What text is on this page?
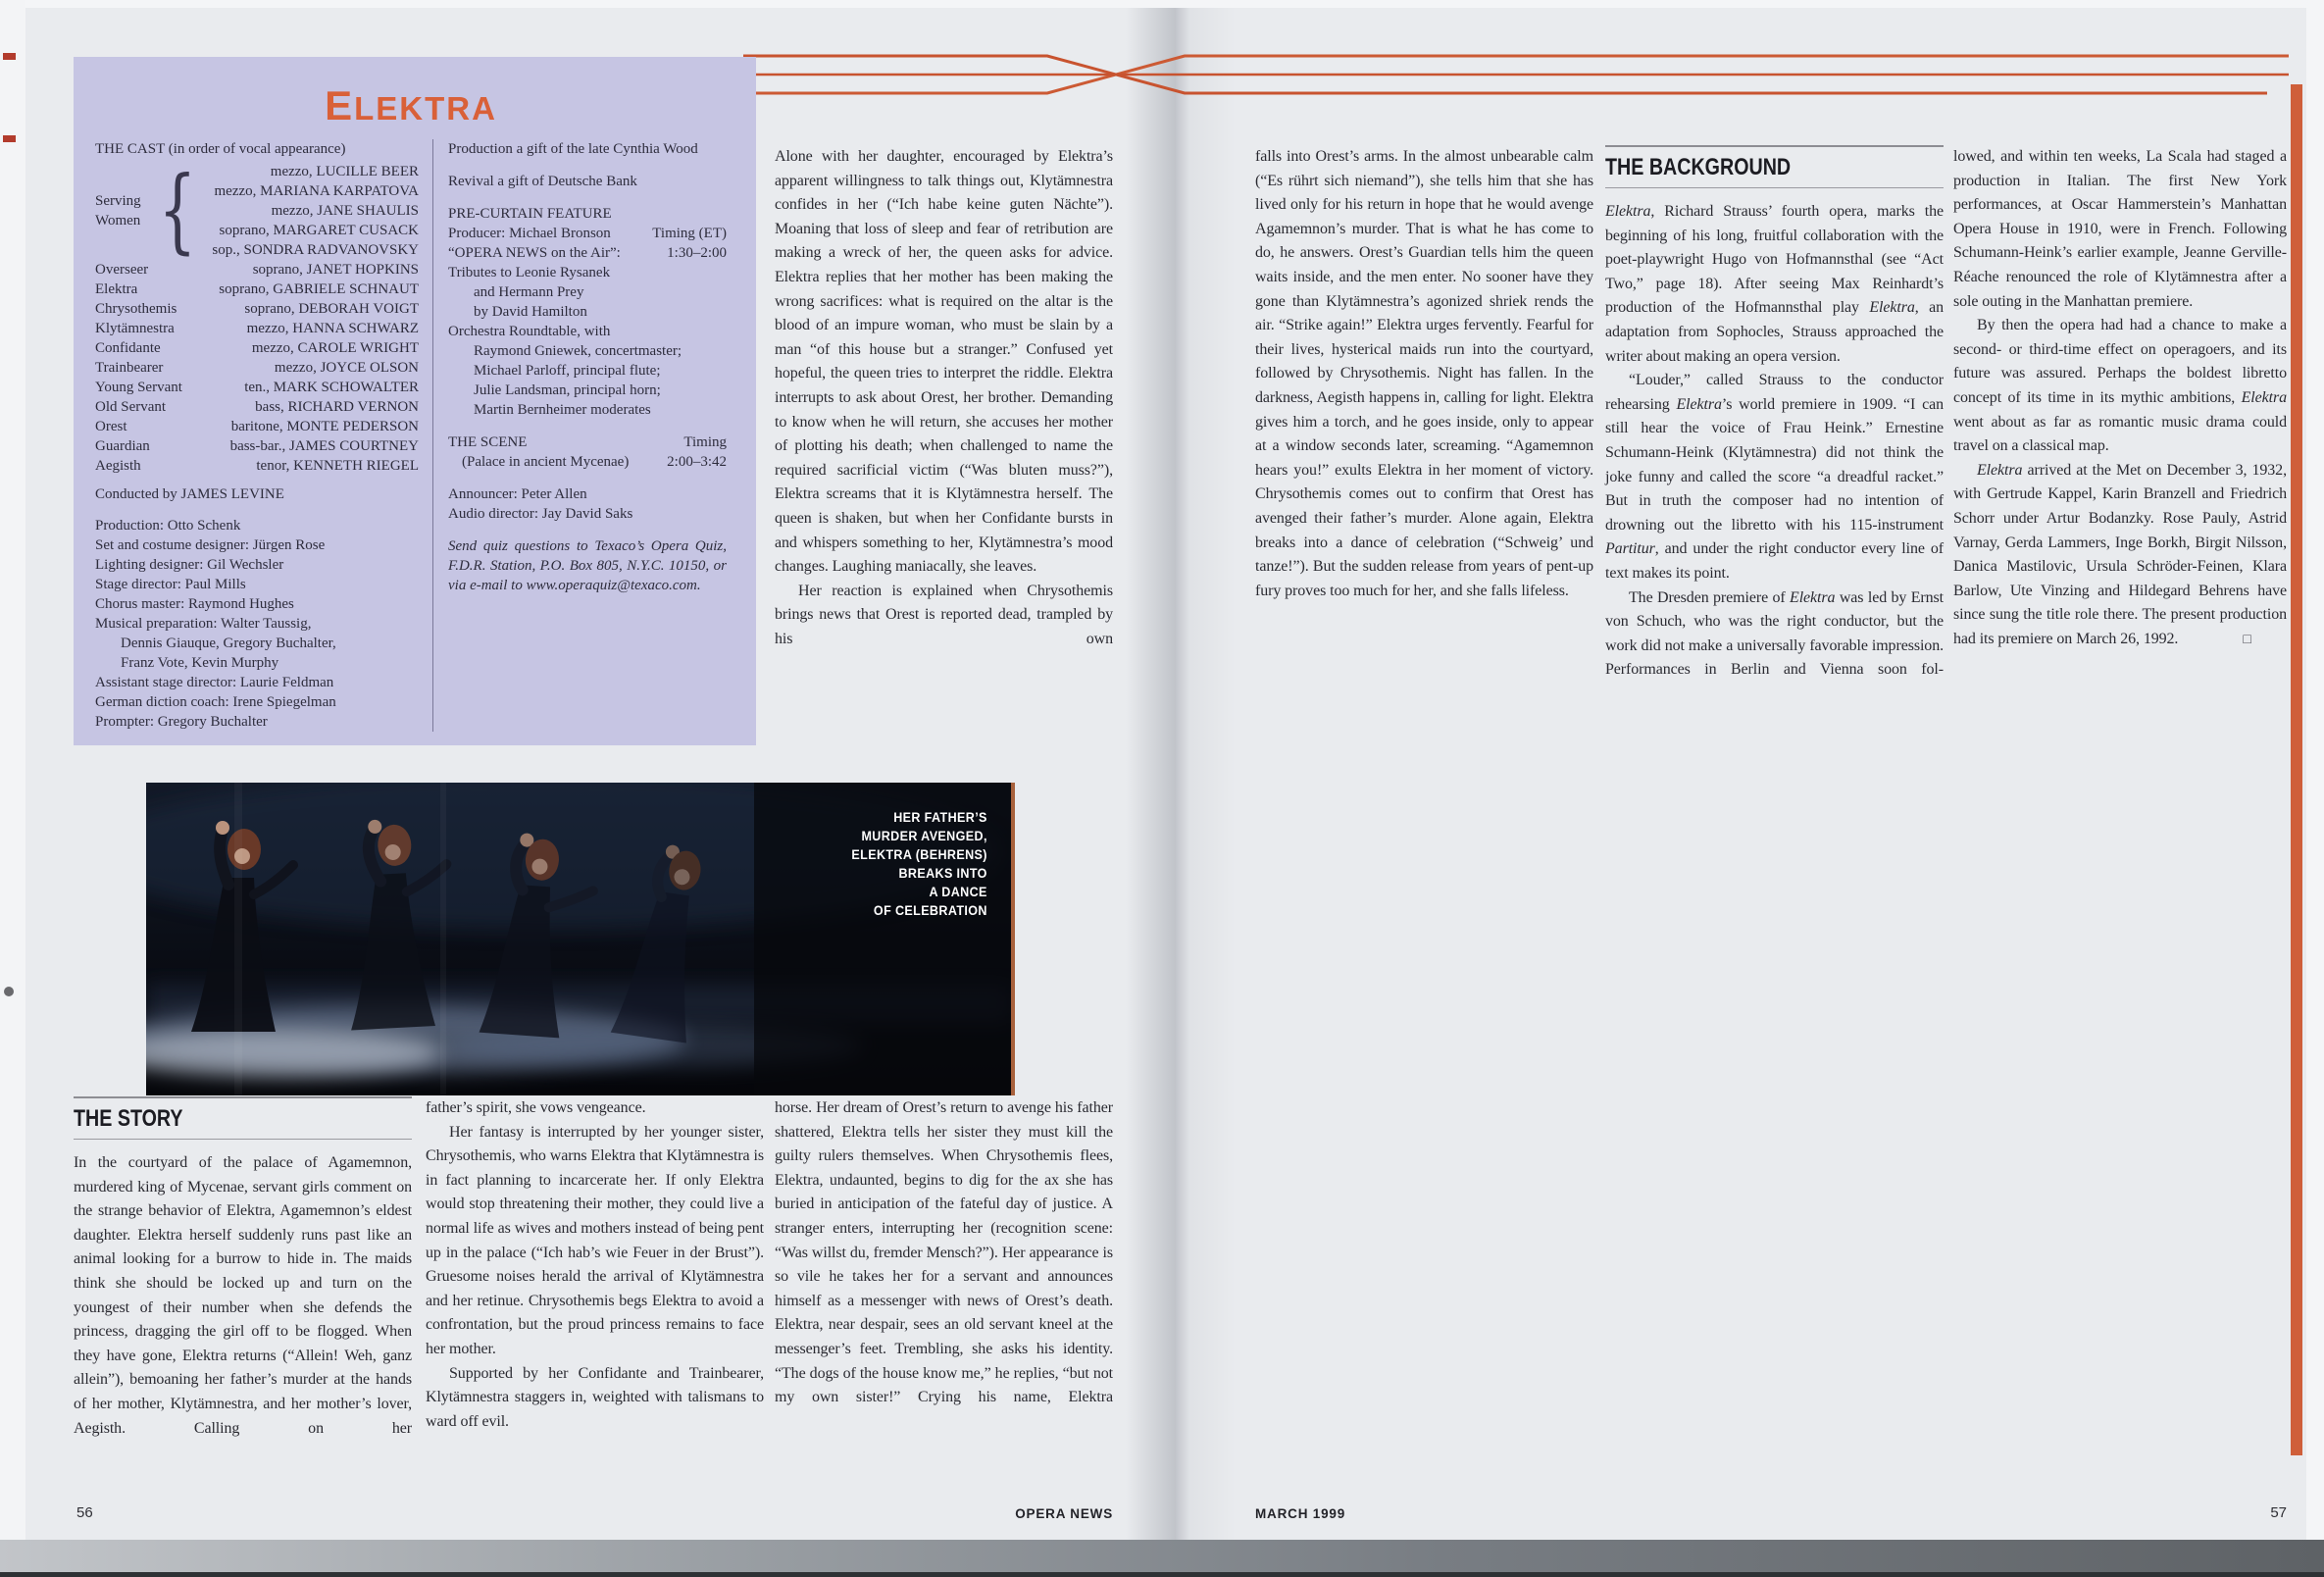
ELEKTRA
THE CAST (in order of vocal appearance)
Serving
Women {	mezzo, LUCILLE BEER
mezzo, MARIANA KARPATOVA
mezzo, JANE SHAULIS
soprano, MARGARET CUSACK
sop., SONDRA RADVANOVSKY
Overseer	soprano, JANET HOPKINS
Elektra	soprano, GABRIELE SCHNAUT
Chrysothemis	soprano, DEBORAH VOIGT
Klytämnestra	mezzo, HANNA SCHWARZ
Confidante	mezzo, CAROLE WRIGHT
Trainbearer	mezzo, JOYCE OLSON
Young Servant	ten., MARK SCHOWALTER
Old Servant	bass, RICHARD VERNON
Orest	baritone, MONTE PEDERSON
Guardian	bass-bar., JAMES COURTNEY
Aegisth	tenor, KENNETH RIEGEL
Conducted by JAMES LEVINE
Production: Otto Schenk
Set and costume designer: Jürgen Rose
Lighting designer: Gil Wechsler
Stage director: Paul Mills
Chorus master: Raymond Hughes
Musical preparation: Walter Taussig,
Dennis Giauque, Gregory Buchalter,
Franz Vote, Kevin Murphy
Assistant stage director: Laurie Feldman
German diction coach: Irene Spiegelman
Prompter: Gregory Buchalter
Production a gift of the late Cynthia Wood
Revival a gift of Deutsche Bank
PRE-CURTAIN FEATURE
Producer: Michael Bronson	Timing (ET)
“OPERA NEWS on the Air”:	1:30–2:00
Tributes to Leonie Rysanek
and Hermann Prey
by David Hamilton
Orchestra Roundtable, with
Raymond Gniewek, concertmaster;
Michael Parloff, principal flute;
Julie Landsman, principal horn;
Martin Bernheimer moderates
THE SCENE	Timing
(Palace in ancient Mycenae)	2:00–3:42
Announcer: Peter Allen
Audio director: Jay David Saks
Send quiz questions to Texaco’s Opera Quiz, F.D.R. Station, P.O. Box 805, N.Y.C. 10150, or via e-mail to www.operaquiz@texaco.com.

Alone with her daughter, encouraged by Elektra’s apparent willingness to talk things out, Klytämnestra confides in her (“Ich habe keine guten Nächte”). Moaning that loss of sleep and fear of retribution are making a wreck of her, the queen asks for advice. Elektra replies that her mother has been making the wrong sacrifices: what is required on the altar is the blood of an impure woman, who must be slain by a man “of this house but a stranger.” Confused yet hopeful, the queen tries to interpret the riddle. Elektra interrupts to ask about Orest, her brother. Demanding to know when he will return, she accuses her mother of plotting his death; when challenged to name the required sacrificial victim (“Was bluten muss?”), Elektra screams that it is Klytämnestra herself. The queen is shaken, but when her Confidante bursts in and whispers something to her, Klytämnestra’s mood changes. Laughing maniacally, she leaves.

Her reaction is explained when Chrysothemis brings news that Orest is reported dead, trampled by his own

HER FATHER’S
MURDER AVENGED,
ELEKTRA (BEHRENS)
BREAKS INTO
A DANCE
OF CELEBRATION
THE STORY

In the courtyard of the palace of Agamemnon, murdered king of Mycenae, servant girls comment on the strange behavior of Elektra, Agamemnon’s eldest daughter. Elektra herself suddenly runs past like an animal looking for a burrow to hide in. The maids think she should be locked up and turn on the youngest of their number when she defends the princess, dragging the girl off to be flogged. When they have gone, Elektra returns (“Allein! Weh, ganz allein”), bemoaning her father’s murder at the hands of her mother, Klytämnestra, and her mother’s lover, Aegisth. Calling on her

father’s spirit, she vows vengeance.

Her fantasy is interrupted by her younger sister, Chrysothemis, who warns Elektra that Klytämnestra is in fact planning to incarcerate her. If only Elektra would stop threatening their mother, they could live a normal life as wives and mothers instead of being pent up in the palace (“Ich hab’s wie Feuer in der Brust”). Gruesome noises herald the arrival of Klytämnestra and her retinue. Chrysothemis begs Elektra to avoid a confrontation, but the proud princess remains to face her mother.

Supported by her Confidante and Trainbearer, Klytämnestra staggers in, weighted with talismans to ward off evil.

horse. Her dream of Orest’s return to avenge his father shattered, Elektra tells her sister they must kill the guilty rulers themselves. When Chrysothemis flees, Elektra, undaunted, begins to dig for the ax she has buried in anticipation of the fateful day of justice. A stranger enters, interrupting her (recognition scene: “Was willst du, fremder Mensch?”). Her appearance is so vile he takes her for a servant and announces himself as a messenger with news of Orest’s death. Elektra, near despair, sees an old servant kneel at the messenger’s feet. Trembling, she asks his identity. “The dogs of the house know me,” he replies, “but not my own sister!” Crying his name, Elektra

56	OPERA NEWS

falls into Orest’s arms. In the almost unbearable calm (“Es rührt sich niemand”), she tells him that she has lived only for his return in hope that he would avenge Agamemnon’s murder. That is what he has come to do, he answers. Orest’s Guardian tells him the queen waits inside, and the men enter. No sooner have they gone than Klytämnestra’s agonized shriek rends the air. “Strike again!” Elektra urges fervently. Fearful for their lives, hysterical maids run into the courtyard, followed by Chrysothemis. Night has fallen. In the darkness, Aegisth happens in, calling for light. Elektra gives him a torch, and he goes inside, only to appear at a window seconds later, screaming. “Agamemnon hears you!” exults Elektra in her moment of victory. Chrysothemis comes out to confirm that Orest has avenged their father’s murder. Alone again, Elektra breaks into a dance of celebration (“Schweig’ und tanze!”). But the sudden release from years of pent-up fury proves too much for her, and she falls lifeless.

THE BACKGROUND

Elektra, Richard Strauss’ fourth opera, marks the beginning of his long, fruitful collaboration with the poet-playwright Hugo von Hofmannsthal (see “Act Two,” page 18). After seeing Max Reinhardt’s production of the Hofmannsthal play Elektra, an adaptation from Sophocles, Strauss approached the writer about making an opera version.

“Louder,” called Strauss to the conductor rehearsing Elektra’s world premiere in 1909. “I can still hear the voice of Frau Heink.” Ernestine Schumann-Heink (Klytämnestra) did not think the joke funny and called the score “a dreadful racket.” But in truth the composer had no intention of drowning out the libretto with his 115-instrument Partitur, and under the right conductor every line of text makes its point.

The Dresden premiere of Elektra was led by Ernst von Schuch, who was the right conductor, but the work did not make a universally favorable impression. Performances in Berlin and Vienna soon fol-

lowed, and within ten weeks, La Scala had staged a production in Italian. The first New York performances, at Oscar Hammerstein’s Manhattan Opera House in 1910, were in French. Following Schumann-Heink’s earlier example, Jeanne Gerville-Réache renounced the role of Klytämnestra after a sole outing in the Manhattan premiere.

By then the opera had had a chance to make a second- or third-time effect on operagoers, and its future was assured. Perhaps the boldest libretto concept of its time in its mythic ambitions, Elektra went about as far as romantic music drama could travel on a classical map.

Elektra arrived at the Met on December 3, 1932, with Gertrude Kappel, Karin Branzell and Friedrich Schorr under Artur Bodanzky. Rose Pauly, Astrid Varnay, Gerda Lammers, Inge Borkh, Birgit Nilsson, Danica Mastilovic, Ursula Schröder-Feinen, Klara Barlow, Ute Vinzing and Hildegard Behrens have since sung the title role there. The present production had its premiere on March 26, 1992.	□

MARCH 1999	57
